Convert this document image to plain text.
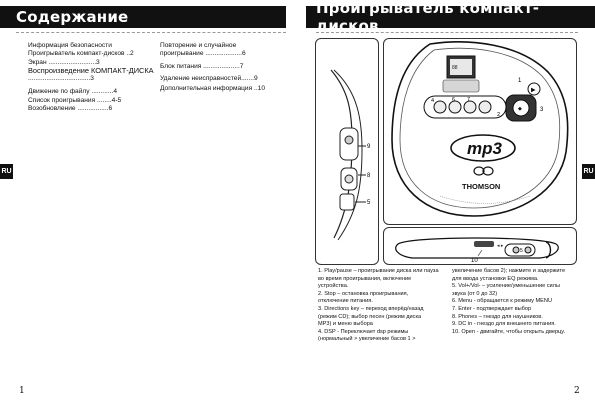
Содержание	Проигрыватель компакт-дисков
RU	RU
Информация безопасности
Проигрыватель компакт-дисков ..2
Экран ..........................3
Воспроизведение КОМПАКТ-ДИСКА
..................................3
Движение по файлу ............4
Список проигрывания ........4-5
Возобновление .................6
Повторение и случайное
проигрывание ....................6
Блок питания ....................7
Удаление неисправностей.......9
Дополнительная информация ..10
1	2
9
8
5
88
▶
1
4	6 7
2
◆	3
mp3
THOMSON
◂ ▸
5
10
1. Play/pause – проигрывание диска или пауза
во время проигрывания, включение
устройства.
2. Stop – остановка проигрывания,
отключение питания.
3. Directions key – переход вперёд/назад
(режим CD); выбор песен (режим диска
MP3) и меню выбора
4. DSP - Переключает dsp режимы
(нормальный > увеличение басов 1 >
увеличение басов 2); нажмите и задержите
для ввода установки EQ режима.
5. Vol+/Vol- – усиление/уменьшение силы
звука (от 0 до 32)
6. Menu - обращается к режиму MENU
7. Enter - подтверждает выбор
8. Phones – гнездо для наушников.
9. DC in - гнездо для внешнего питания.
10. Open - двигайте, чтобы открыть дверцу.
